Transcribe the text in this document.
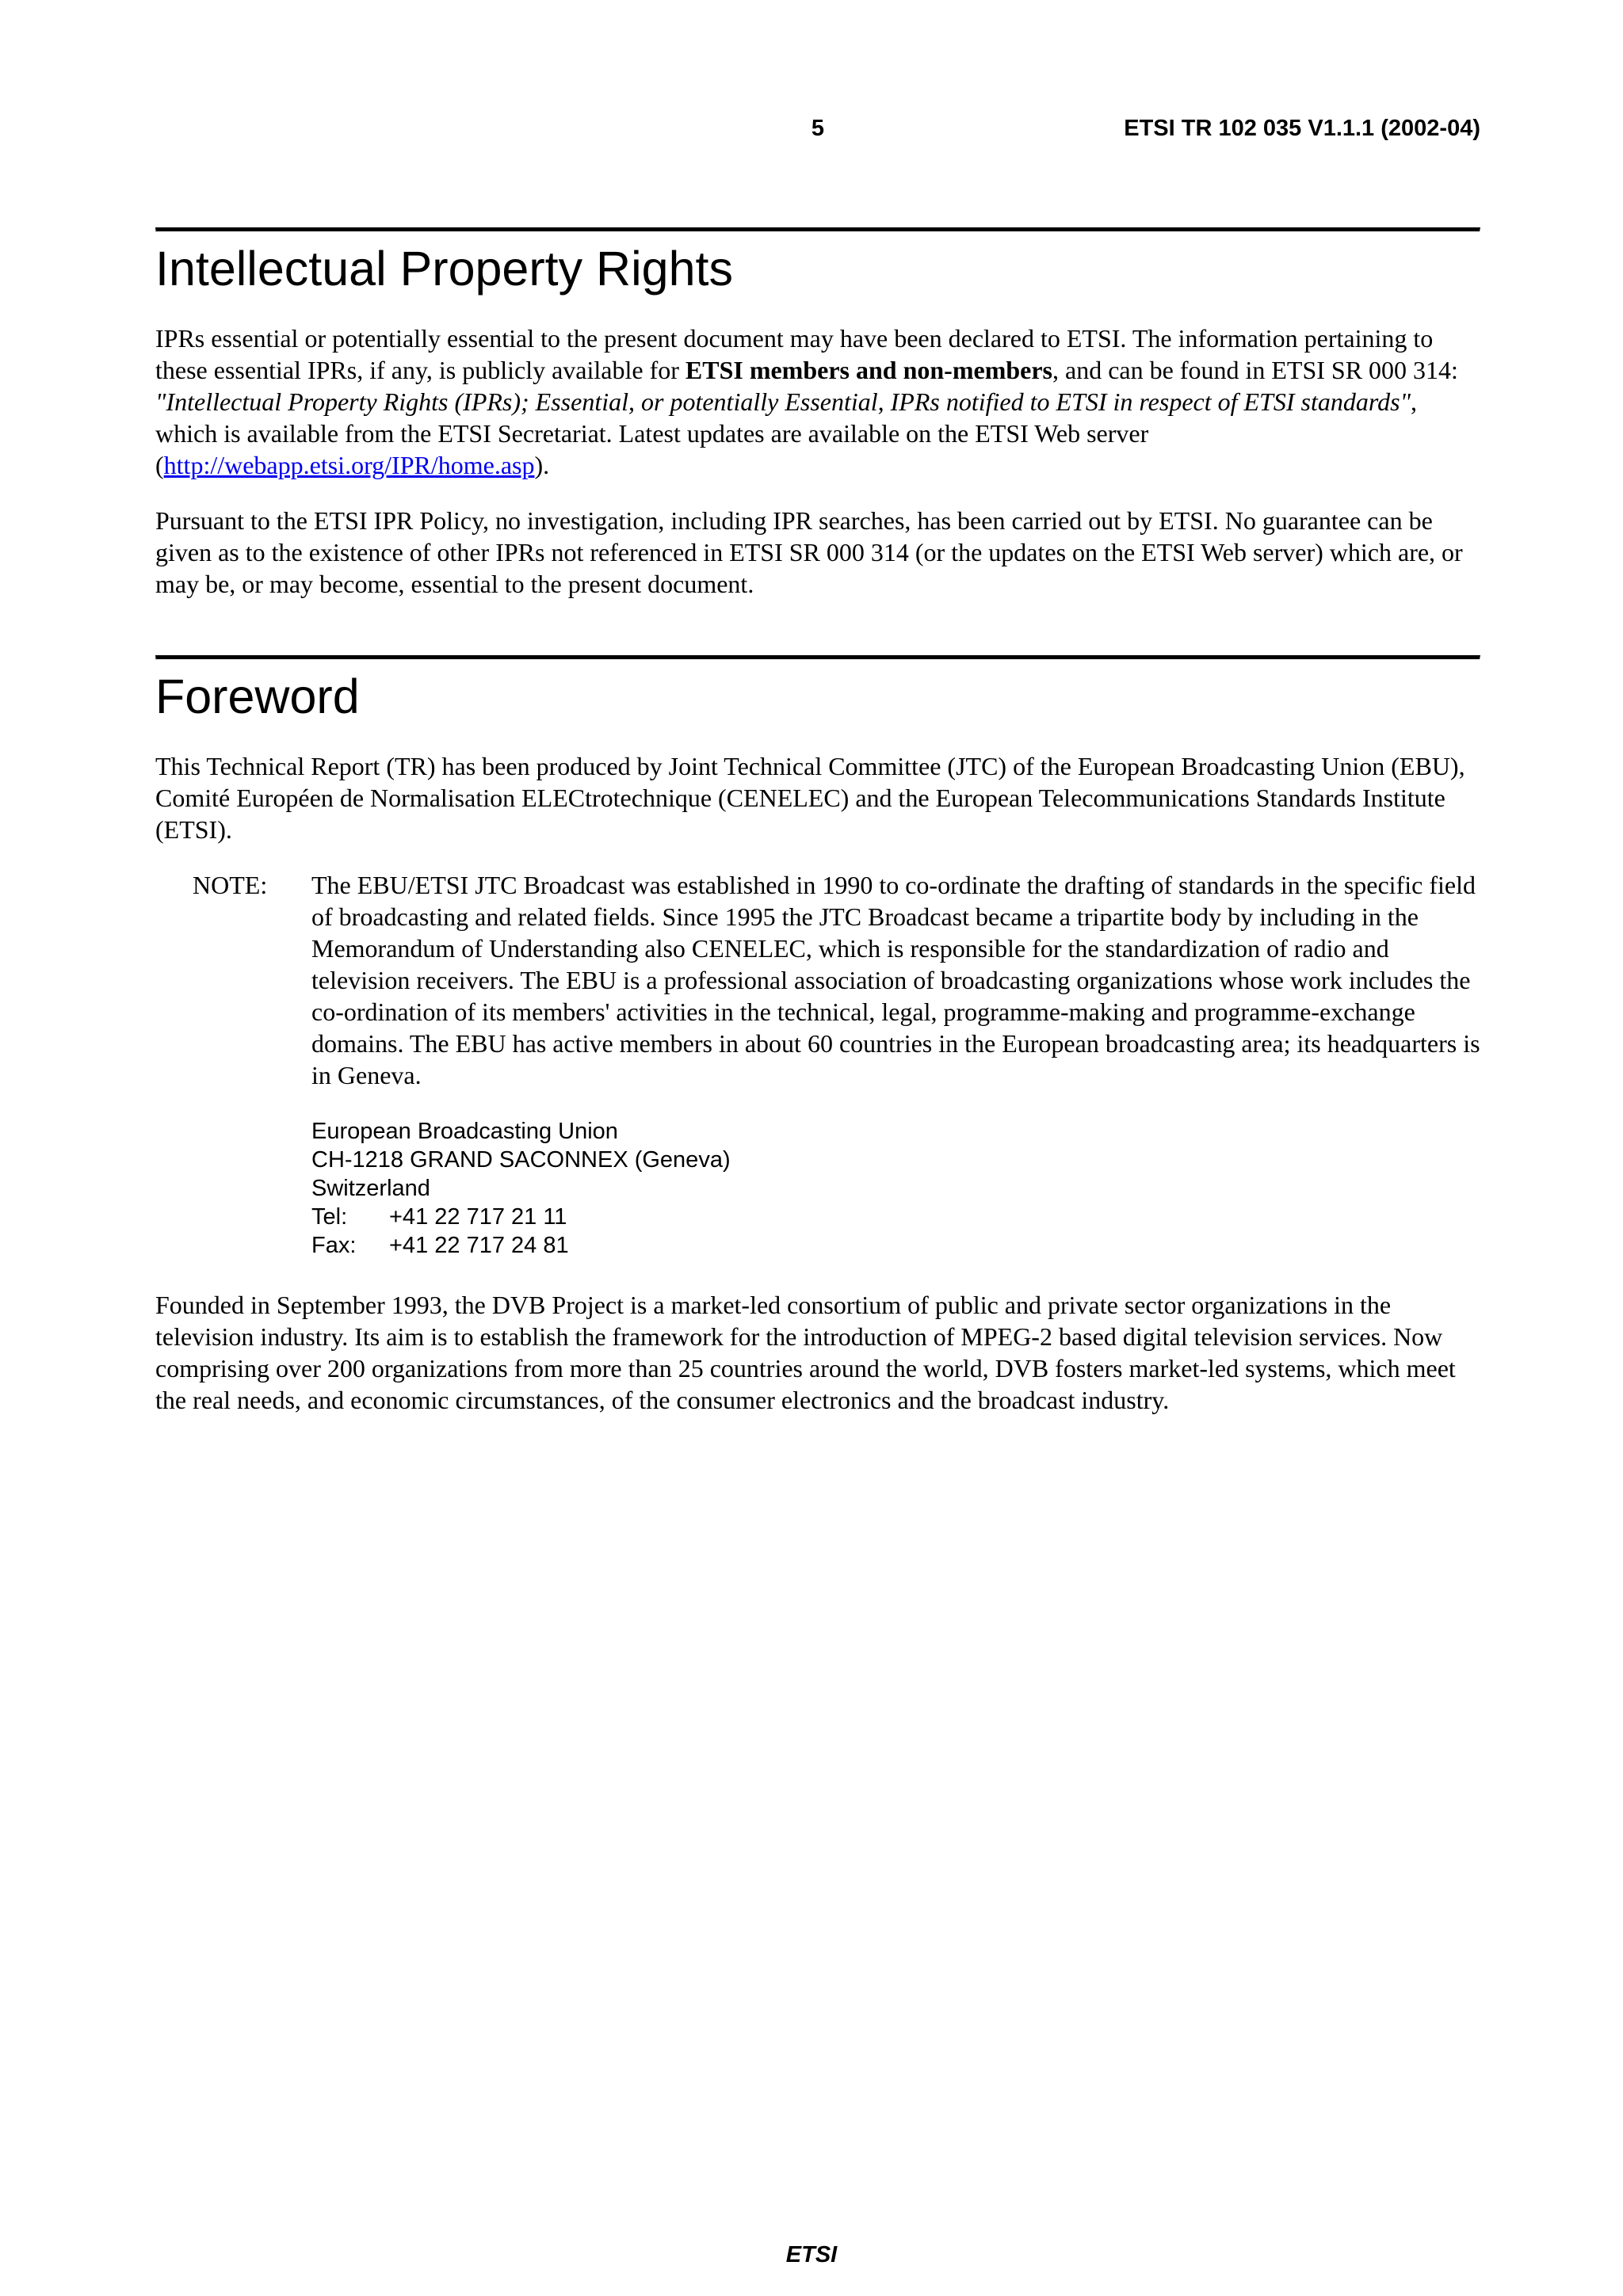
5	ETSI TR 102 035 V1.1.1 (2002-04)
Intellectual Property Rights

IPRs essential or potentially essential to the present document may have been declared to ETSI. The information pertaining to these essential IPRs, if any, is publicly available for ETSI members and non-members, and can be found in ETSI SR 000 314: "Intellectual Property Rights (IPRs); Essential, or potentially Essential, IPRs notified to ETSI in respect of ETSI standards", which is available from the ETSI Secretariat. Latest updates are available on the ETSI Web server (http://webapp.etsi.org/IPR/home.asp).

Pursuant to the ETSI IPR Policy, no investigation, including IPR searches, has been carried out by ETSI. No guarantee can be given as to the existence of other IPRs not referenced in ETSI SR 000 314 (or the updates on the ETSI Web server) which are, or may be, or may become, essential to the present document.

Foreword

This Technical Report (TR) has been produced by Joint Technical Committee (JTC) of the European Broadcasting Union (EBU), Comité Européen de Normalisation ELECtrotechnique (CENELEC) and the European Telecommunications Standards Institute (ETSI).

NOTE: The EBU/ETSI JTC Broadcast was established in 1990 to co-ordinate the drafting of standards in the specific field of broadcasting and related fields. Since 1995 the JTC Broadcast became a tripartite body by including in the Memorandum of Understanding also CENELEC, which is responsible for the standardization of radio and television receivers. The EBU is a professional association of broadcasting organizations whose work includes the co-ordination of its members' activities in the technical, legal, programme-making and programme-exchange domains. The EBU has active members in about 60 countries in the European broadcasting area; its headquarters is in Geneva.

European Broadcasting Union
CH-1218 GRAND SACONNEX (Geneva)
Switzerland
Tel:	+41 22 717 21 11
Fax:	+41 22 717 24 81

Founded in September 1993, the DVB Project is a market-led consortium of public and private sector organizations in the television industry. Its aim is to establish the framework for the introduction of MPEG-2 based digital television services. Now comprising over 200 organizations from more than 25 countries around the world, DVB fosters market-led systems, which meet the real needs, and economic circumstances, of the consumer electronics and the broadcast industry.

ETSI
